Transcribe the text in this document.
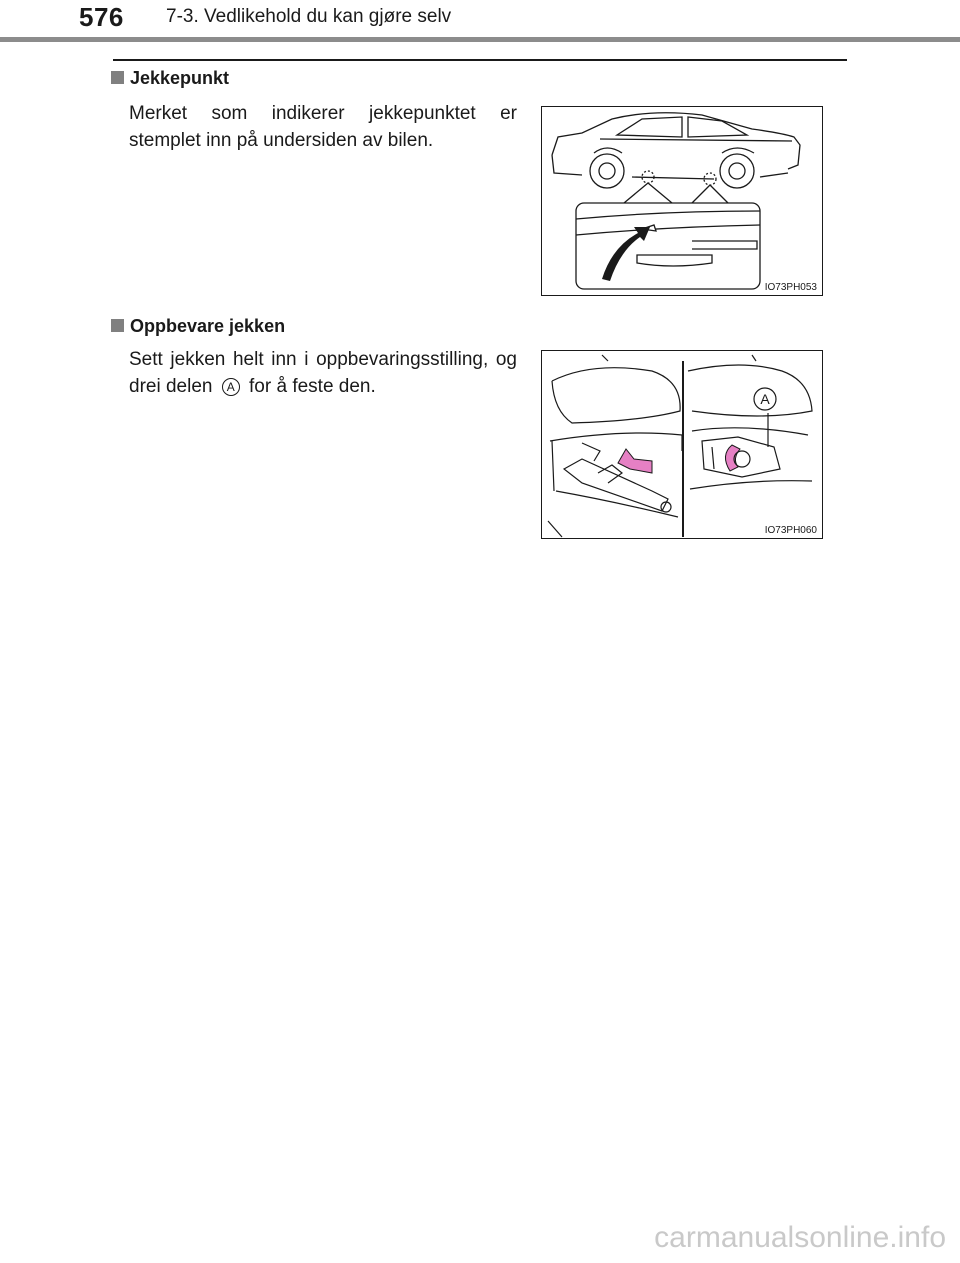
576 7-3. Vedlikehold du kan gjøre selv
Jekkepunkt
Merket som indikerer jekkepunktet er stemplet inn på undersiden av bilen.
IO73PH053
Oppbevare jekken
Sett jekken helt inn i oppbevaringsstilling, og drei delen A for å feste den.
A
IO73PH060
carmanualsonline.info
